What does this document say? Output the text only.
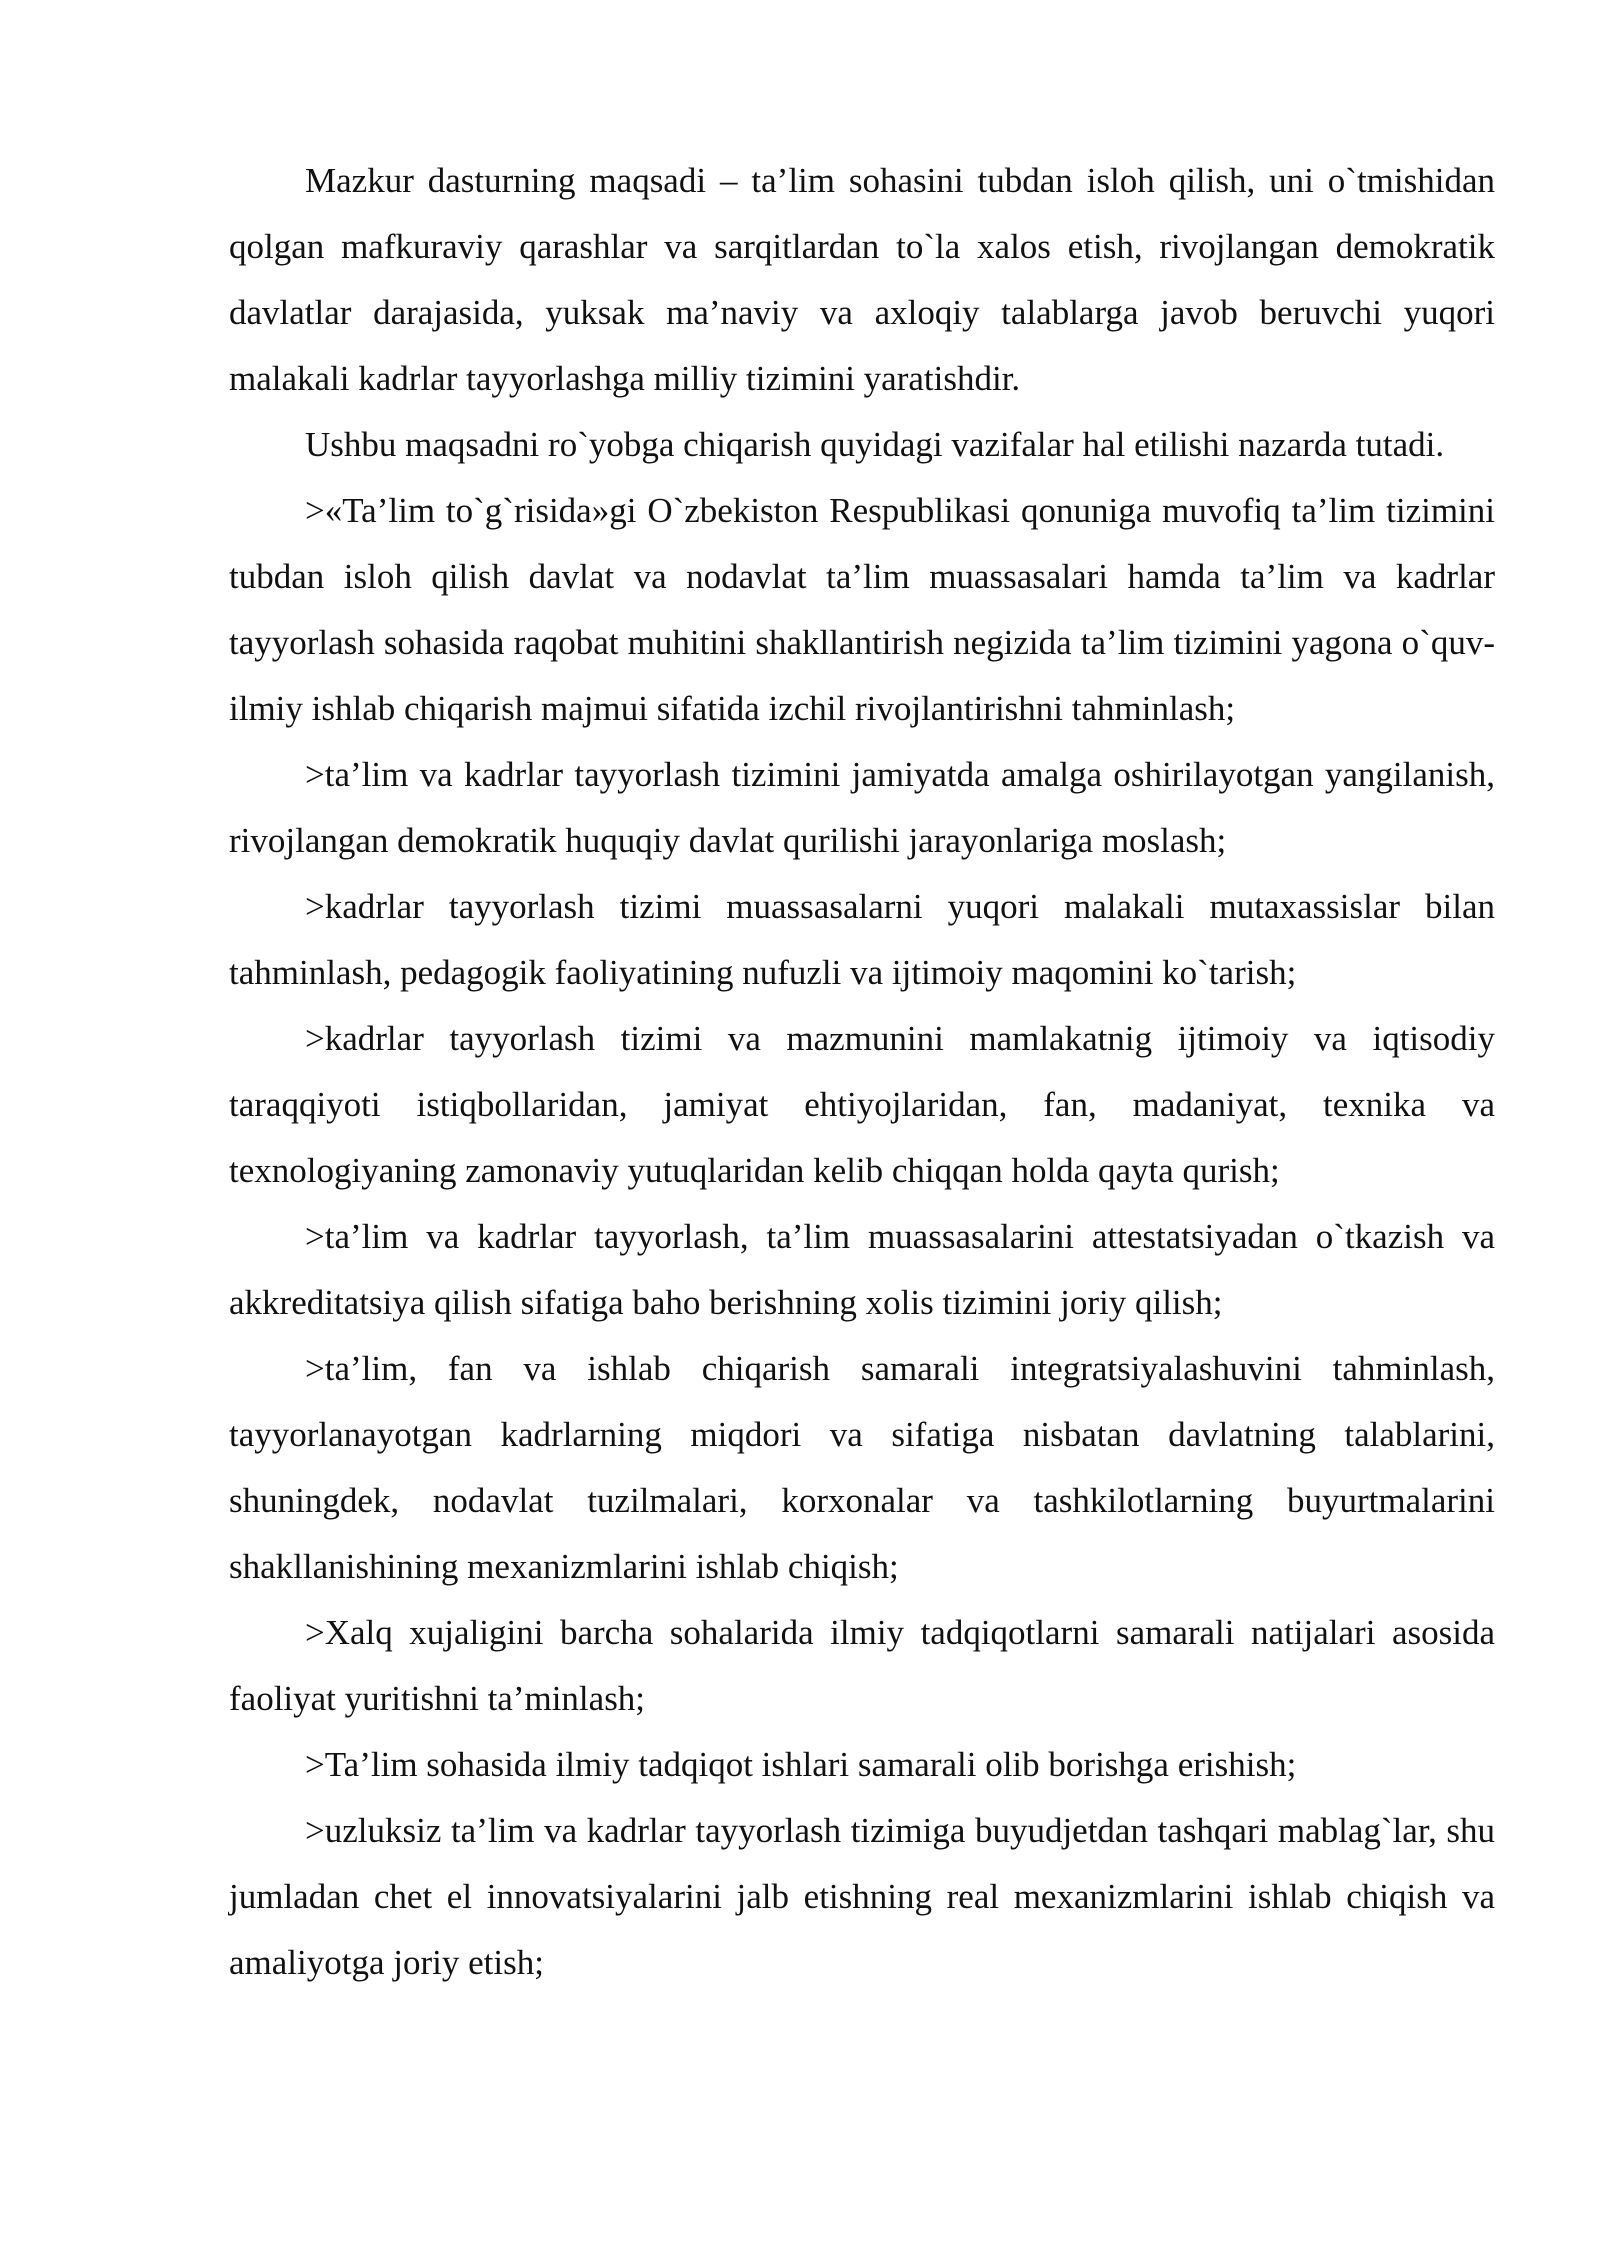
Mazkur dasturning maqsadi – ta’lim sohasini tubdan isloh qilish, uni o`tmishidan qolgan mafkuraviy qarashlar va sarqitlardan to`la xalos etish, rivojlangan demokratik davlatlar darajasida, yuksak ma’naviy va axloqiy talablarga javob beruvchi yuqori malakali kadrlar tayyorlashga milliy tizimini yaratishdir.

Ushbu maqsadni ro`yobga chiqarish quyidagi vazifalar hal etilishi nazarda tutadi.

>«Ta’lim to`g`risida»gi O`zbekiston Respublikasi qonuniga muvofiq ta’lim tizimini tubdan isloh qilish davlat va nodavlat ta’lim muassasalari hamda ta’lim va kadrlar tayyorlash sohasida raqobat muhitini shakllantirish negizida ta’lim tizimini yagona o`quv-ilmiy ishlab chiqarish majmui sifatida izchil rivojlantirishni tahminlash;

>ta’lim va kadrlar tayyorlash tizimini jamiyatda amalga oshirilayotgan yangilanish, rivojlangan demokratik huquqiy davlat qurilishi jarayonlariga moslash;

>kadrlar tayyorlash tizimi muassasalarni yuqori malakali mutaxassislar bilan tahminlash, pedagogik faoliyatining nufuzli va ijtimoiy maqomini ko`tarish;

>kadrlar tayyorlash tizimi va mazmunini mamlakatnig ijtimoiy va iqtisodiy taraqqiyoti istiqbollaridan, jamiyat ehtiyojlaridan, fan, madaniyat, texnika va texnologiyaning zamonaviy yutuqlaridan kelib chiqqan holda qayta qurish;

>ta’lim va kadrlar tayyorlash, ta’lim muassasalarini attestatsiyadan o`tkazish va akkreditatsiya qilish sifatiga baho berishning xolis tizimini joriy qilish;

>ta’lim, fan va ishlab chiqarish samarali integratsiyalashuvini tahminlash, tayyorlanayotgan kadrlarning miqdori va sifatiga nisbatan davlatning talablarini, shuningdek, nodavlat tuzilmalari, korxonalar va tashkilotlarning buyurtmalarini shakllanishining mexanizmlarini ishlab chiqish;

>Xalq xujaligini barcha sohalarida ilmiy tadqiqotlarni samarali natijalari asosida faoliyat yuritishni ta’minlash;

>Ta’lim sohasida ilmiy tadqiqot ishlari samarali olib borishga erishish;

>uzluksiz ta’lim va kadrlar tayyorlash tizimiga buyudjetdan tashqari mablag`lar, shu jumladan chet el innovatsiyalarini jalb etishning real mexanizmlarini ishlab chiqish va amaliyotga joriy etish;
